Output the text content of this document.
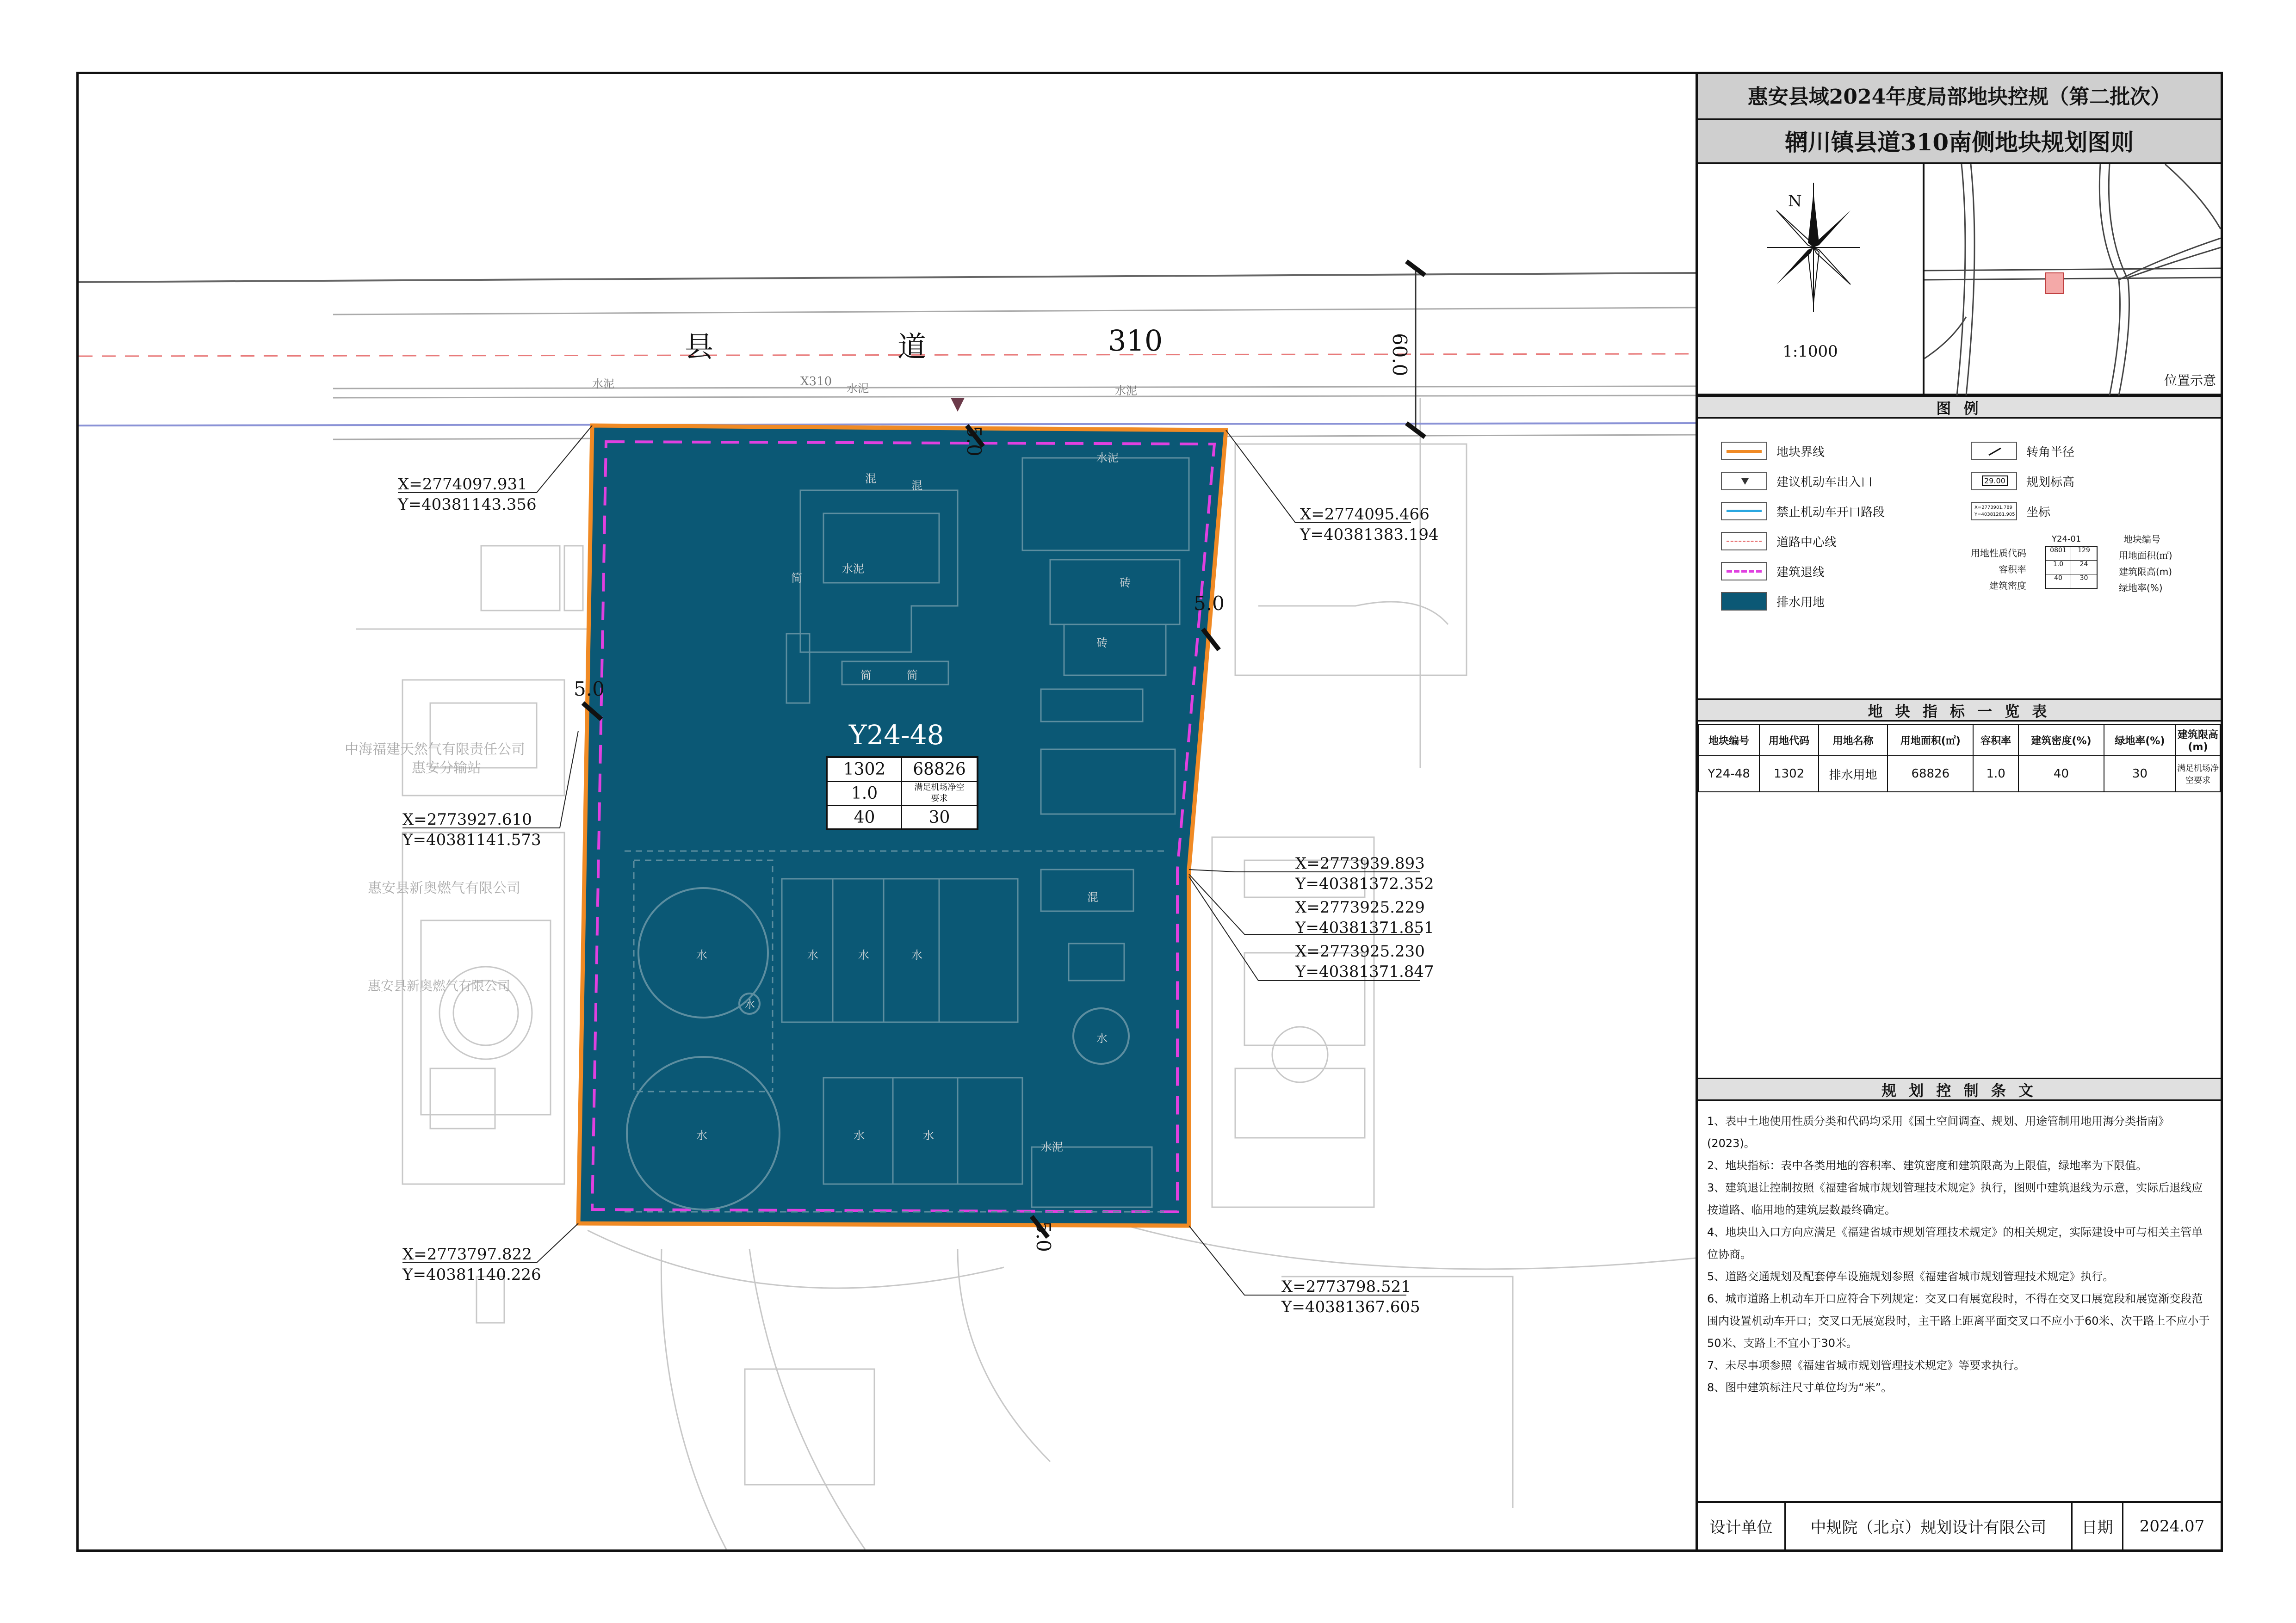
县	道	310
X310
水泥	水泥	水泥
60.0
5.0
5.0
5.0
5.0
Y24-48
1302	68826
1.0	满足机场净空要求
40	30
水	水	水	水
水	水	水
水
水
混
水泥
砖
混
砖
简
简	简
水泥
混
水泥
中海福建天然气有限责任公司
惠安分输站
惠安县新奥燃气有限公司
惠安县新奥燃气有限公司
X=2774097.931
Y=40381143.356
X=2774095.466
Y=40381383.194
X=2773927.610
Y=40381141.573
X=2773939.893
Y=40381372.352
X=2773925.229
Y=40381371.851
X=2773925.230
Y=40381371.847
X=2773797.822
Y=40381140.226
X=2773798.521
Y=40381367.605
惠安县域2024年度局部地块控规（第二批次）
辋川镇县道310南侧地块规划图则
N
1:1000
位置示意
图 例
地块界线
建议机动车出入口
禁止机动车开口路段
道路中心线
建筑退线
排水用地
转角半径
29.00 规划标高
X=2773901.789
Y=40381281.905 坐标
用地性质代码
容积率
建筑密度
Y24-01
0801	129
1.0	24
40	30
地块编号
用地面积(㎡)
建筑限高(m)
绿地率(%)
地 块 指 标 一 览 表
地块编号	用地代码	用地名称	用地面积(㎡)	容积率	建筑密度(%)	绿地率(%)	建筑限高(m)
Y24-48	1302	排水用地	68826	1.0	40	30	满足机场净空要求
规 划 控 制 条 文
1、表中土地使用性质分类和代码均采用《国土空间调查、规划、用途管制用地用海分类指南》(2023)。
2、地块指标：表中各类用地的容积率、建筑密度和建筑限高为上限值，绿地率为下限值。
3、建筑退让控制按照《福建省城市规划管理技术规定》执行，图则中建筑退线为示意，实际后退线应按道路、临用地的建筑层数最终确定。
4、地块出入口方向应满足《福建省城市规划管理技术规定》的相关规定，实际建设中可与相关主管单位协商。
5、道路交通规划及配套停车设施规划参照《福建省城市规划管理技术规定》执行。
6、城市道路上机动车开口应符合下列规定：交叉口有展宽段时，不得在交叉口展宽段和展宽渐变段范围内设置机动车开口；交叉口无展宽段时，主干路上距离平面交叉口不应小于60米、次干路上不应小于50米、支路上不宜小于30米。
7、未尽事项参照《福建省城市规划管理技术规定》等要求执行。
8、图中建筑标注尺寸单位均为“米”。
设计单位	中规院（北京）规划设计有限公司	日期	2024.07
